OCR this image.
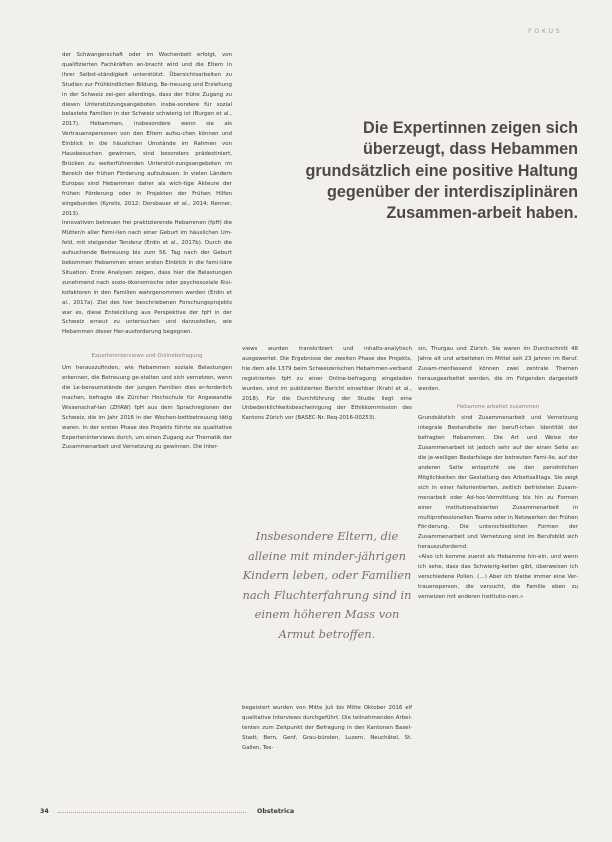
FOKUS

der Schwangerschaft oder im Wochenbett erfolgt, von qualifizierten Fachkräften an-bracht wird und die Eltern in ihrer Selbst-ständigkeit unterstützt. Übersichtsarbeiten zu Studien zur Frühkindlichen Bildung, Be-treuung und Erziehung in der Schweiz zei-gen allerdings, dass der frühe Zugang zu diesen Unterstützungsangeboten insbe-sondere für sozial belastete Familien in der Schweiz schwierig ist (Burgen et al., 2017). Hebammen, insbesondere wenn sie als Vertrauenspersonen von den Eltern aufsu-chen können und Einblick in die häuslichen Umstände im Rahmen von Hausbesuchen gewinnen, sind besonders prädestiniert, Brücken zu weiterführenden Unterstüt-zungsangeboten im Bereich der frühen Förderung aufzubauen. In vielen Ländern Europas sind Hebammen daher als wich-tige Akteure der frühen Förderung oder in Projekten der Frühen Hilfen eingebunden (Kyrelis, 2012; Dorsbauer et al., 2014; Renner, 2013).

Innovativen betreuen frei praktizierende Hebammen (fpH) die Mütter/n aller Fami-lien nach einer Geburt im häuslichen Um-feld, mit steigender Tendenz (Erdin et al., 2017b). Durch die aufsuchende Betreuung bis zum 56. Tag nach der Geburt bekommen Hebammen einen ersten Einblick in die fami-liäre Situation. Erste Analysen zeigen, dass hier die Belastungen zunehmend nach sozio-ökonomische oder psychosoziale Risi-kofaktoren in den Familien wahrgenommen werden (Erdin et al., 2017a). Ziel des hier beschriebenen Forschungsprojekts war es, diese Entwicklung aus Perspektive der fpH in der Schweiz erneut zu untersuchen und darzustellen, wie Hebammen dieser Her-ausforderung begegnen.

Experteninterviews und Onlinebefragung

Um herauszufinden, wie Hebammen soziale Belastungen erkennen, die Betreuung ge-stalten und sich vernetzen, wenn die Le-bensumstände der jungen Familien dies er-forderlich machen, befragte die Zürcher Hochschule für Angewandte Wissenschaf-ten (ZHAW) fpH aus dem Sprachregionen der Schweiz, die im Jahr 2016 in der Wochen-bettbetreuung tätig waren. In der ersten Phase des Projekts führte sie qualitative Experteninterviews durch, um einen Zugang zur Thematik der Zusammenarbeit und Vernetzung zu gewinnen. Die Inter-

Die Expertinnen zeigen sich überzeugt, dass Hebammen grundsätzlich eine positive Haltung gegenüber der interdisziplinären Zusammen-arbeit haben.

views wurden transkribiert und inhalts-analytisch ausgewertet. Die Ergebnisse der zweiten Phase des Projekts, hie dem alle 1379 beim Schweizerischen Hebammen-verband registrierten fpH zu einer Online-befragung eingeladen wurden, sind im publizierten Bericht einsehbar (Krahl et al., 2018). Für die Durchführung der Studie liegt eine Unbedenklichkeitsbescheinigung der Ethikkommission des Kantons Zürich vor (BASEC-Nr. Req-2016-00253).

Insbesondere Eltern, die alleine mit minder-jährigen Kindern leben, oder Familien nach Fluchterfahrung sind in einem höheren Mass von Armut betroffen.

begeistert wurden von Mitte Juli bis Mitte Oktober 2016 elf qualitative Interviews durchgeführt. Die teilnehmenden Arbei-tenten zum Zeitpunkt der Befragung in den Kantonen Basel-Stadt, Bern, Genf, Grau-bünden, Luzern, Neuchâtel, St. Gallen, Tes-

sin, Thurgau und Zürich. Sie waren im Durchschnitt 48 Jahre alt und arbeiteten im Mittel seit 23 Jahren im Beruf. Zusam-menfassend können zwei zentrale Themen herausgearbeitet werden, die im Folgenden dargestellt werden.

Hebamme arbeitet zusammen

Grundsätzlich sind Zusammenarbeit und Vernetzung integrale Bestandteile der berufl-ichen Identität der befragten Hebammen. Die Art und Weise der Zusammenarbeit ist jedoch sehr auf der einen Seite an die je-weiligen Bedarfslage der betreuten Fami-lie, auf der anderen Seite entspricht sie den persönlichen Möglichkeiten der Gestaltung des Arbeitsalltags. Sie zeigt sich in einer fallorientierten, zeitlich befristeten Zusam-menarbeit oder Ad-hoc-Vermittlung bis hin zu Formen einer institutionalisierten Zusammenarbeit in multiprofessionellen Teams oder in Netzwerken der Frühen För-derung. Die unterschiedlichen Formen der Zusammenarbeit und Vernetzung sind im Berufsbild sich herauszufordernd.

«Also ich komme zuerst als Hebamme hin-ein, und wenn ich sehe, dass das Schwierig-keiten gibt, überweisen ich verschiedene Pollen. (…) Aber ich bleibe immer eine Ver-trauensperson, die versucht, die Familie eben zu vernetzen mit anderen Institutio-nen.»

34	Obstetrica
